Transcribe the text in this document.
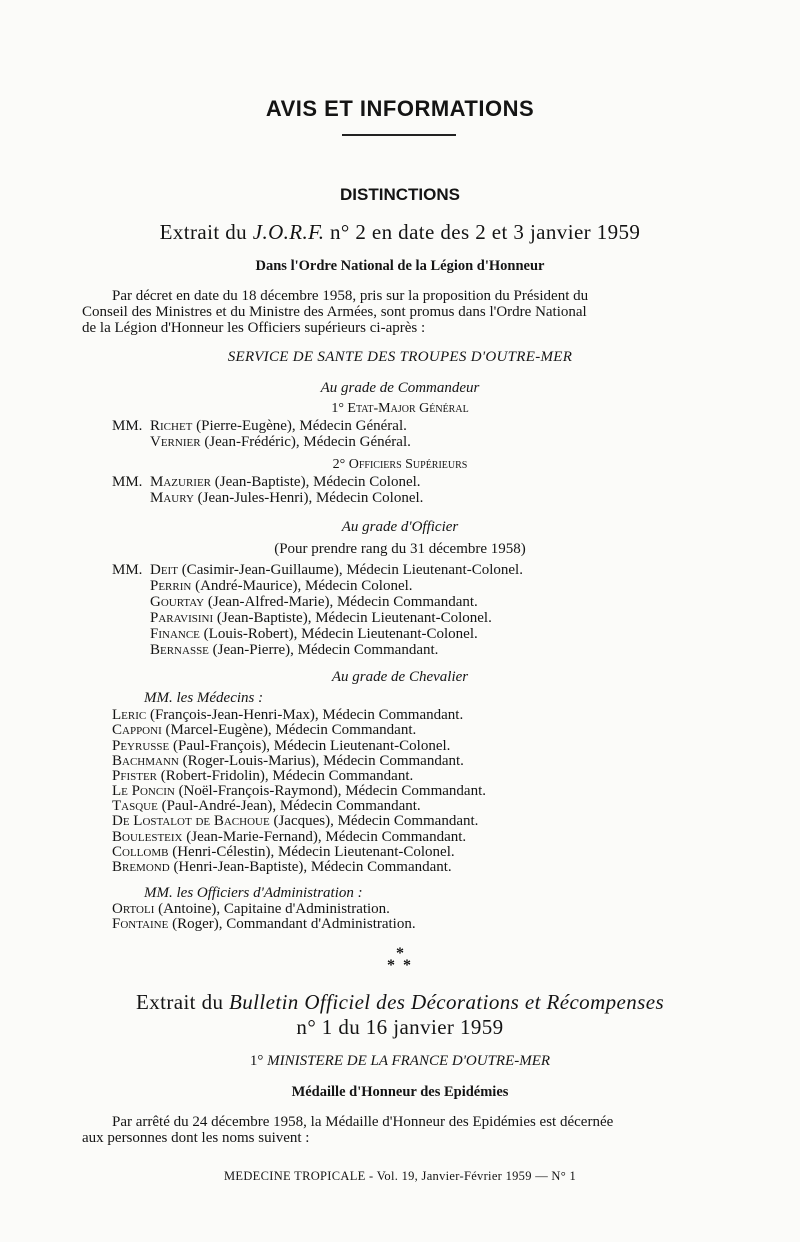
AVIS ET INFORMATIONS
DISTINCTIONS
Extrait du J.O.R.F. n° 2 en date des 2 et 3 janvier 1959
Dans l'Ordre National de la Légion d'Honneur
Par décret en date du 18 décembre 1958, pris sur la proposition du Président du
Conseil des Ministres et du Ministre des Armées, sont promus dans l'Ordre National
de la Légion d'Honneur les Officiers supérieurs ci-après :
SERVICE DE SANTE DES TROUPES D'OUTRE-MER
Au grade de Commandeur
1° Etat-Major Général
MM. Richet (Pierre-Eugène), Médecin Général.
Vernier (Jean-Frédéric), Médecin Général.
2° Officiers Supérieurs
MM. Mazurier (Jean-Baptiste), Médecin Colonel.
Maury (Jean-Jules-Henri), Médecin Colonel.
Au grade d'Officier
(Pour prendre rang du 31 décembre 1958)
MM. Deit (Casimir-Jean-Guillaume), Médecin Lieutenant-Colonel.
Perrin (André-Maurice), Médecin Colonel.
Gourtay (Jean-Alfred-Marie), Médecin Commandant.
Paravisini (Jean-Baptiste), Médecin Lieutenant-Colonel.
Finance (Louis-Robert), Médecin Lieutenant-Colonel.
Bernasse (Jean-Pierre), Médecin Commandant.
Au grade de Chevalier
MM. les Médecins :
Leric (François-Jean-Henri-Max), Médecin Commandant.
Capponi (Marcel-Eugène), Médecin Commandant.
Peyrusse (Paul-François), Médecin Lieutenant-Colonel.
Bachmann (Roger-Louis-Marius), Médecin Commandant.
Pfister (Robert-Fridolin), Médecin Commandant.
Le Poncin (Noël-François-Raymond), Médecin Commandant.
Tasque (Paul-André-Jean), Médecin Commandant.
De Lostalot de Bachoue (Jacques), Médecin Commandant.
Boulesteix (Jean-Marie-Fernand), Médecin Commandant.
Collomb (Henri-Célestin), Médecin Lieutenant-Colonel.
Bremond (Henri-Jean-Baptiste), Médecin Commandant.
MM. les Officiers d'Administration :
Ortoli (Antoine), Capitaine d'Administration.
Fontaine (Roger), Commandant d'Administration.
*
* *
Extrait du Bulletin Officiel des Décorations et Récompenses
n° 1 du 16 janvier 1959
1° MINISTERE DE LA FRANCE D'OUTRE-MER
Médaille d'Honneur des Epidémies
Par arrêté du 24 décembre 1958, la Médaille d'Honneur des Epidémies est décernée
aux personnes dont les noms suivent :
MEDECINE TROPICALE - Vol. 19, Janvier-Février 1959 — N° 1
